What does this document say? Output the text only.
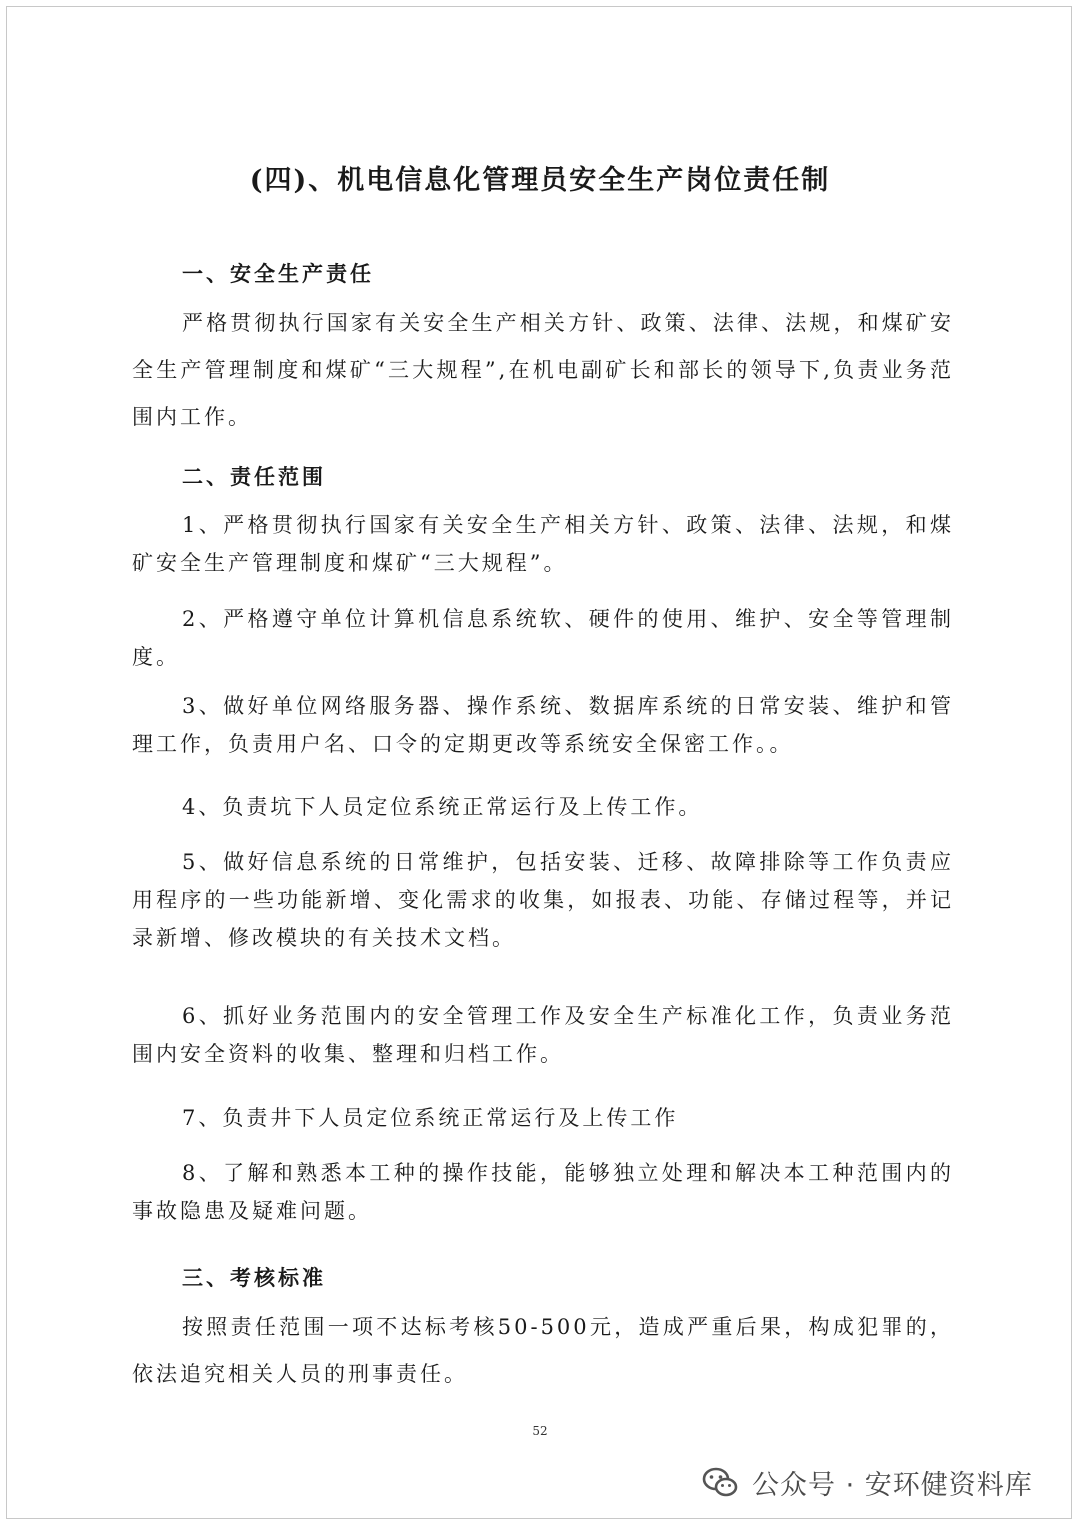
(四)、机电信息化管理员安全生产岗位责任制
一、安全生产责任
严格贯彻执行国家有关安全生产相关方针、政策、法律、法规，和煤矿安全生产管理制度和煤矿“三大规程”,在机电副矿长和部长的领导下,负责业务范围内工作。
二、责任范围
1、严格贯彻执行国家有关安全生产相关方针、政策、法律、法规，和煤矿安全生产管理制度和煤矿“三大规程”。
2、严格遵守单位计算机信息系统软、硬件的使用、维护、安全等管理制度。
3、做好单位网络服务器、操作系统、数据库系统的日常安装、维护和管理工作，负责用户名、口令的定期更改等系统安全保密工作。。
4、负责坑下人员定位系统正常运行及上传工作。
5、做好信息系统的日常维护，包括安装、迁移、故障排除等工作负责应用程序的一些功能新增、变化需求的收集，如报表、功能、存储过程等，并记录新增、修改模块的有关技术文档。
6、抓好业务范围内的安全管理工作及安全生产标准化工作，负责业务范围内安全资料的收集、整理和归档工作。
7、负责井下人员定位系统正常运行及上传工作
8、了解和熟悉本工种的操作技能，能够独立处理和解决本工种范围内的事故隐患及疑难问题。
三、考核标准
按照责任范围一项不达标考核50-500元，造成严重后果，构成犯罪的，依法追究相关人员的刑事责任。
52
公众号 · 安环健资料库
